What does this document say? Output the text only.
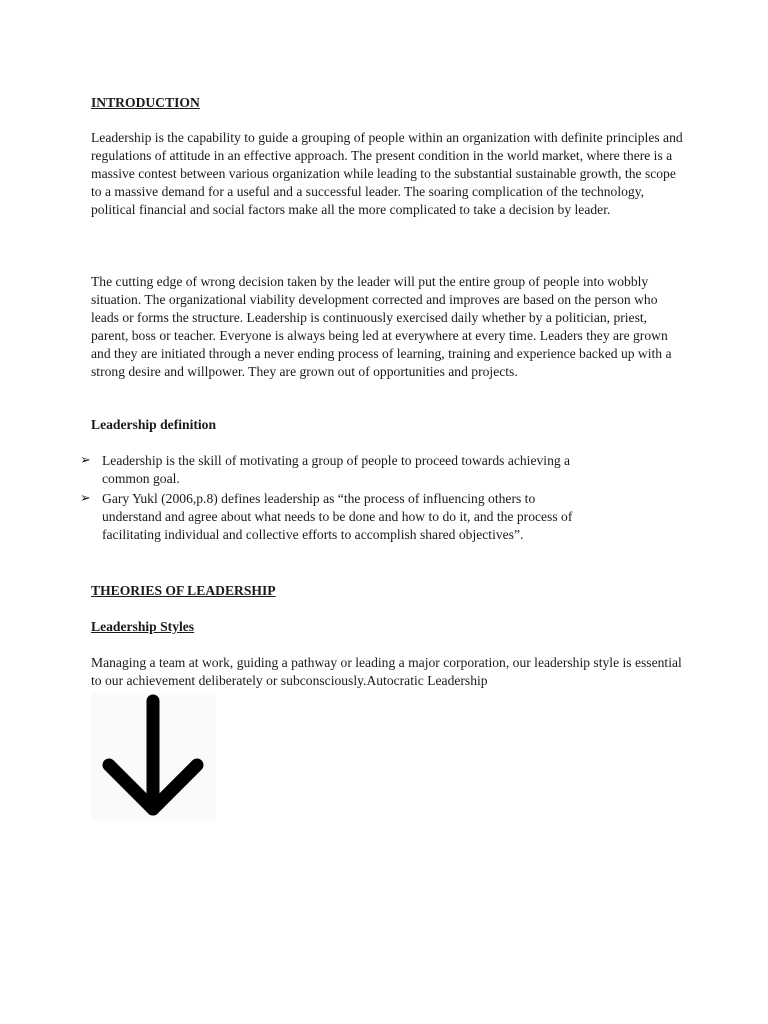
INTRODUCTION

Leadership is the capability to guide a grouping of people within an organization with definite principles and regulations of attitude in an effective approach. The present condition in the world market, where there is a massive contest between various organization while leading to the substantial sustainable growth, the scope to a massive demand for a useful and a successful leader. The soaring complication of the technology, political financial and social factors make all the more complicated to take a decision by leader.

The cutting edge of wrong decision taken by the leader will put the entire group of people into wobbly situation. The organizational viability development corrected and improves are based on the person who leads or forms the structure. Leadership is continuously exercised daily whether by a politician, priest, parent, boss or teacher. Everyone is always being led at everywhere at every time. Leaders they are grown and they are initiated through a never ending process of learning, training and experience backed up with a strong desire and willpower. They are grown out of opportunities and projects.

Leadership definition
THEORIES OF LEADERSHIP
Leadership Styles

Managing a team at work, guiding a pathway or leading a major corporation, our leadership style is essential to our achievement deliberately or subconsciously.Autocratic Leadership

➢ Leadership is the skill of motivating a group of people to proceed towards achieving a common goal.
➢ Gary Yukl (2006,p.8) defines leadership as “the process of influencing others to understand and agree about what needs to be done and how to do it, and the process of facilitating individual and collective efforts to accomplish shared objectives”.
